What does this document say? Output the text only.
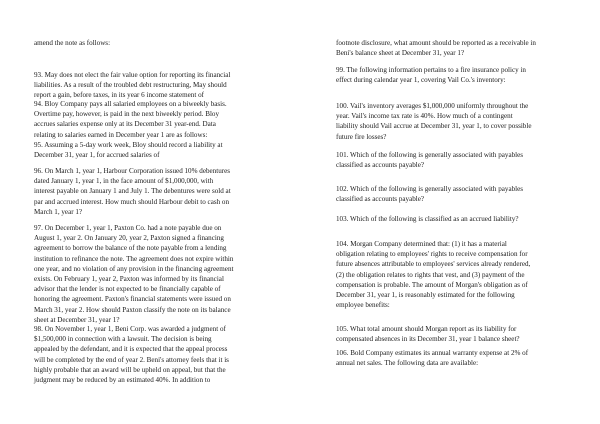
amend the note as follows:

93. May does not elect the fair value option for reporting its financial
liabilities. As a result of the troubled debt restructuring, May should
report a gain, before taxes, in its year 6 income statement of

94. Bloy Company pays all salaried employees on a biweekly basis.
Overtime pay, however, is paid in the next biweekly period. Bloy
accrues salaries expense only at its December 31 year-end. Data
relating to salaries earned in December year 1 are as follows:
95. Assuming a 5-day work week, Bloy should record a liability at
December 31, year 1, for accrued salaries of

96. On March 1, year 1, Harbour Corporation issued 10% debentures
dated January 1, year 1, in the face amount of $1,000,000, with
interest payable on January 1 and July 1. The debentures were sold at
par and accrued interest. How much should Harbour debit to cash on
March 1, year 1?

97. On December 1, year 1, Paxton Co. had a note payable due on
August 1, year 2. On January 20, year 2, Paxton signed a financing
agreement to borrow the balance of the note payable from a lending
institution to refinance the note. The agreement does not expire within
one year, and no violation of any provision in the financing agreement
exists. On February 1, year 2, Paxton was informed by its financial
advisor that the lender is not expected to be financially capable of
honoring the agreement. Paxton's financial statements were issued on
March 31, year 2. How should Paxton classify the note on its balance
sheet at December 31, year 1?

98. On November 1, year 1, Beni Corp. was awarded a judgment of
$1,500,000 in connection with a lawsuit. The decision is being
appealed by the defendant, and it is expected that the appeal process
will be completed by the end of year 2. Beni's attorney feels that it is
highly probable that an award will be upheld on appeal, but that the
judgment may be reduced by an estimated 40%. In addition to

footnote disclosure, what amount should be reported as a receivable in
Beni's balance sheet at December 31, year 1?

99. The following information pertains to a fire insurance policy in
effect during calendar year 1, covering Vail Co.'s inventory:

100. Vail's inventory averages $1,000,000 uniformly throughout the
year. Vail's income tax rate is 40%. How much of a contingent
liability should Vail accrue at December 31, year 1, to cover possible
future fire losses?

101. Which of the following is generally associated with payables
classified as accounts payable?

102. Which of the following is generally associated with payables
classified as accounts payable?

103. Which of the following is classified as an accrued liability?

104. Morgan Company determined that: (1) it has a material
obligation relating to employees' rights to receive compensation for
future absences attributable to employees' services already rendered,
(2) the obligation relates to rights that vest, and (3) payment of the
compensation is probable. The amount of Morgan's obligation as of
December 31, year 1, is reasonably estimated for the following
employee benefits:

105. What total amount should Morgan report as its liability for
compensated absences in its December 31, year 1 balance sheet?

106. Bold Company estimates its annual warranty expense at 2% of
annual net sales. The following data are available:
